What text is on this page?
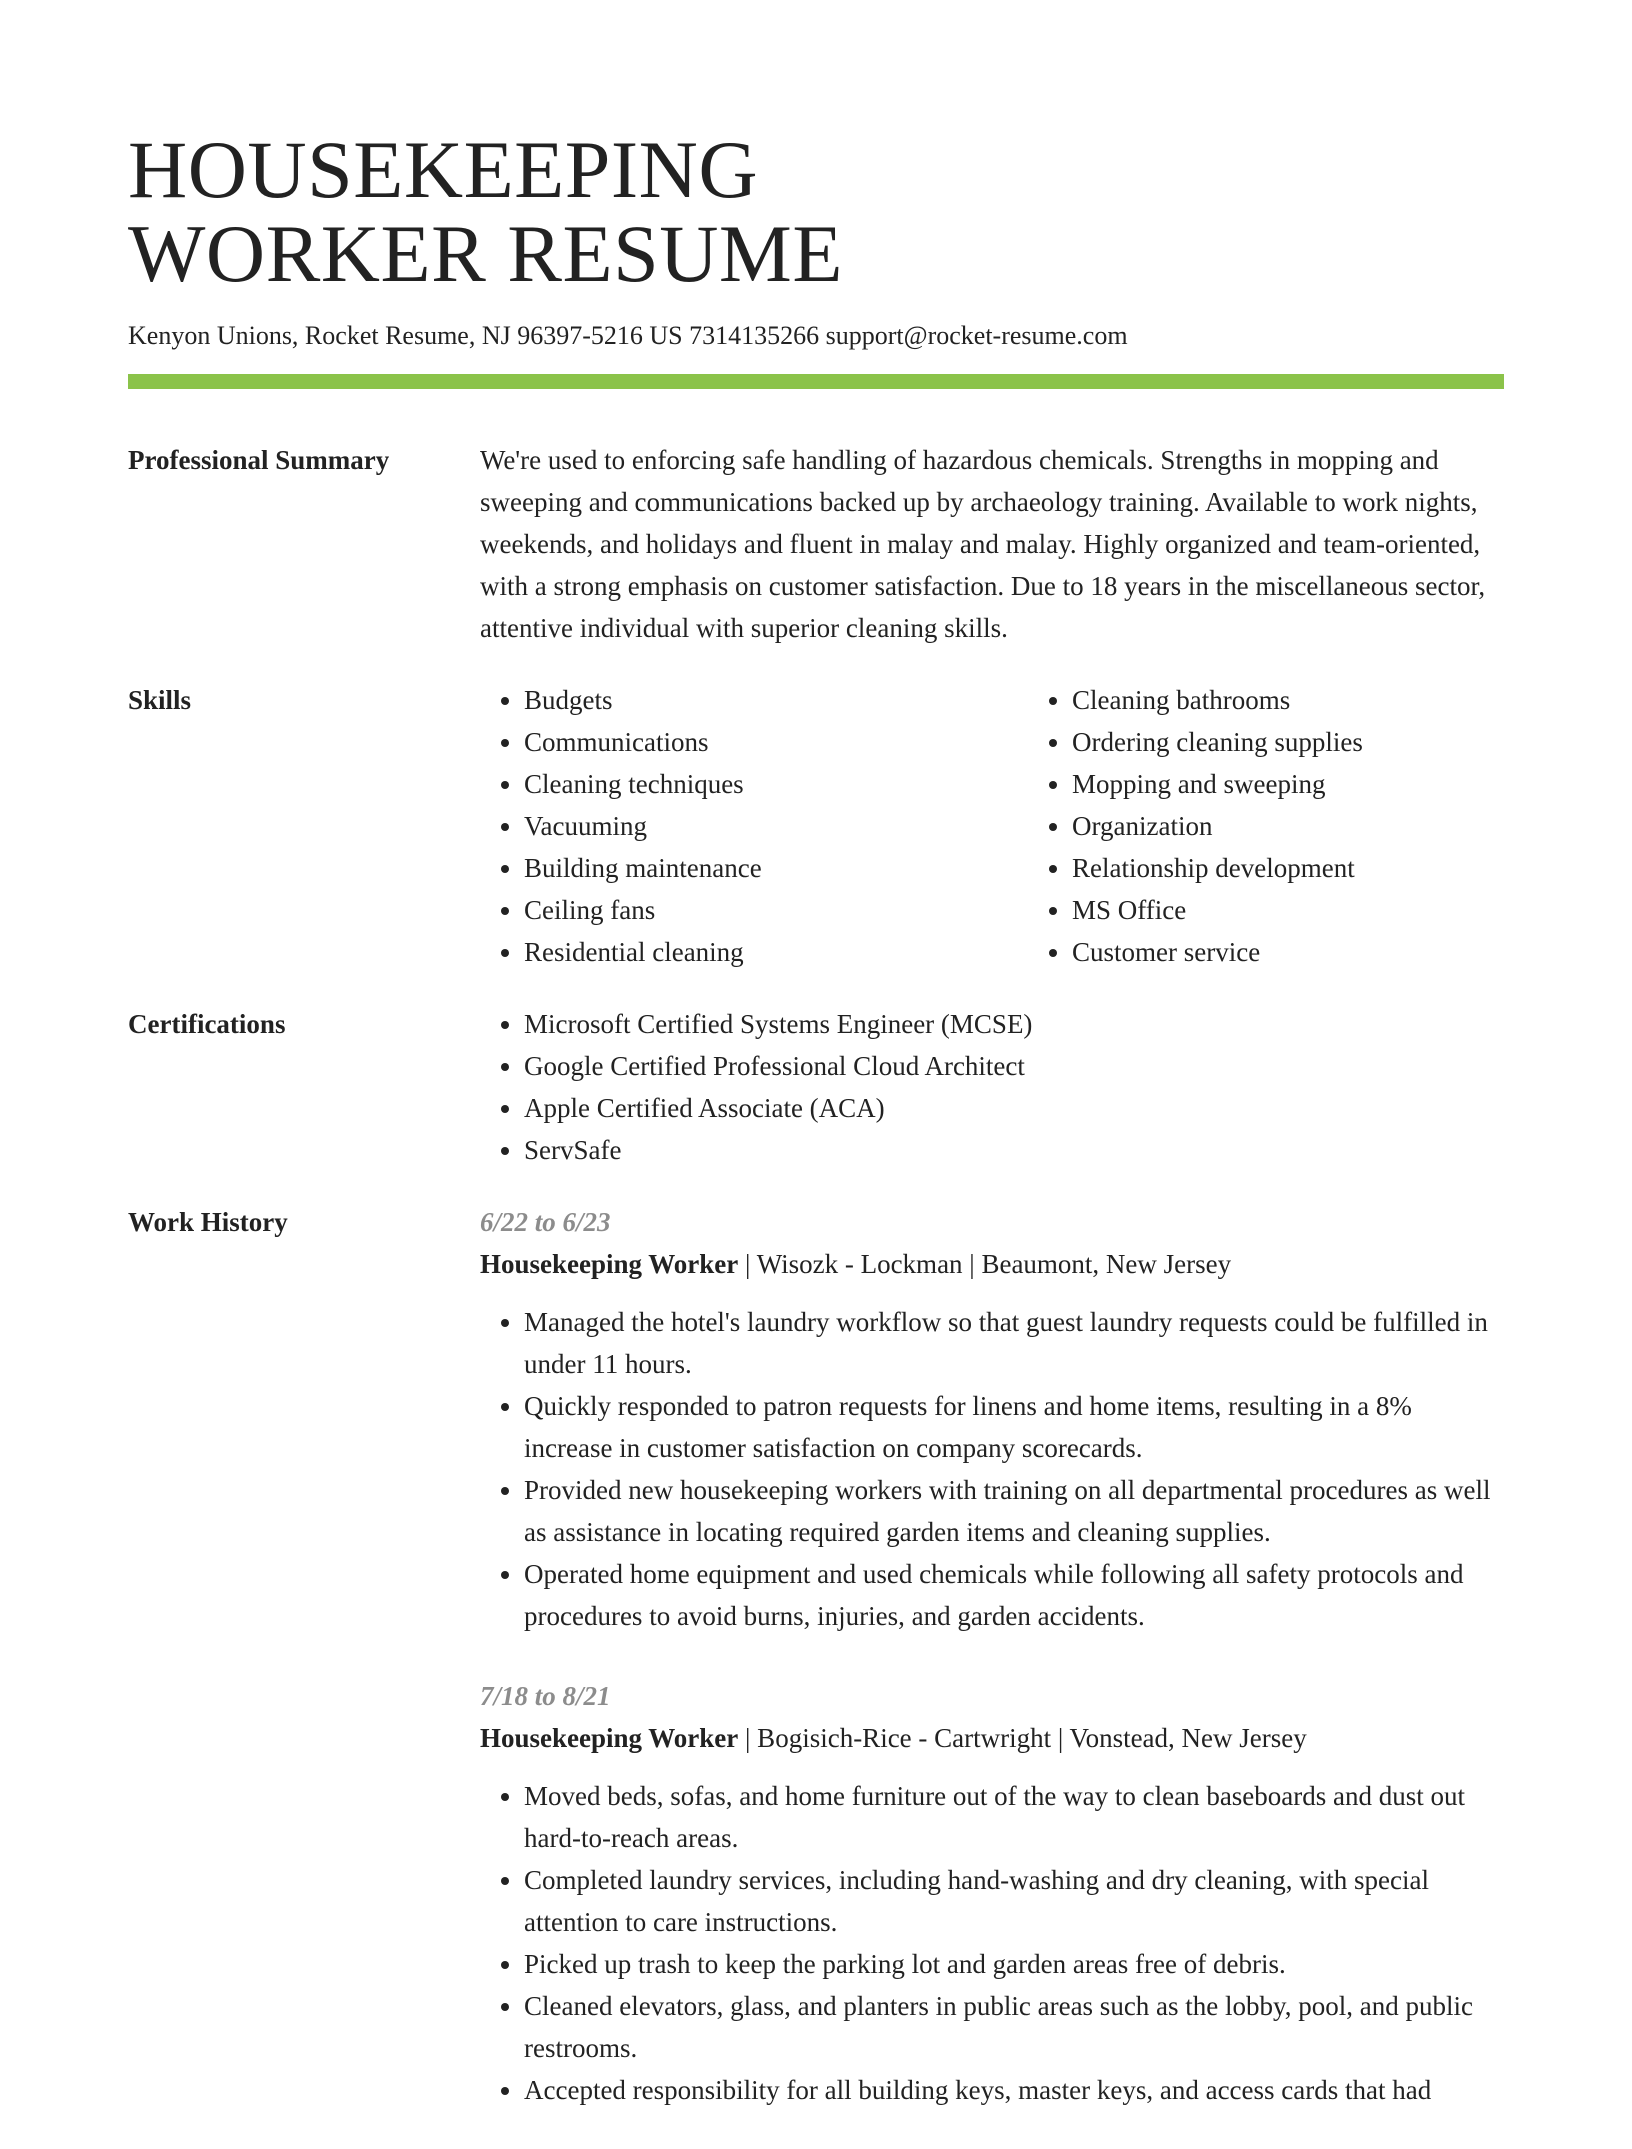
HOUSEKEEPING
WORKER RESUME
Kenyon Unions, Rocket Resume, NJ 96397-5216 US 7314135266 support@rocket-resume.com
Professional Summary	We're used to enforcing safe handling of hazardous chemicals. Strengths in mopping and sweeping and communications backed up by archaeology training. Available to work nights, weekends, and holidays and fluent in malay and malay. Highly organized and team-oriented, with a strong emphasis on customer satisfaction. Due to 18 years in the miscellaneous sector, attentive individual with superior cleaning skills.

Skills	• Budgets
• Communications
• Cleaning techniques
• Vacuuming
• Building maintenance
• Ceiling fans
• Residential cleaning
• Cleaning bathrooms
• Ordering cleaning supplies
• Mopping and sweeping
• Organization
• Relationship development
• MS Office
• Customer service
Certifications	• Microsoft Certified Systems Engineer (MCSE)
• Google Certified Professional Cloud Architect
• Apple Certified Associate (ACA)
• ServSafe
Work History	6/22 to 6/23
Housekeeping Worker | Wisozk - Lockman | Beaumont, New Jersey
• Managed the hotel's laundry workflow so that guest laundry requests could be fulfilled in under 11 hours.
• Quickly responded to patron requests for linens and home items, resulting in a 8% increase in customer satisfaction on company scorecards.
• Provided new housekeeping workers with training on all departmental procedures as well as assistance in locating required garden items and cleaning supplies.
• Operated home equipment and used chemicals while following all safety protocols and procedures to avoid burns, injuries, and garden accidents.
7/18 to 8/21
Housekeeping Worker | Bogisich-Rice - Cartwright | Vonstead, New Jersey
• Moved beds, sofas, and home furniture out of the way to clean baseboards and dust out hard-to-reach areas.
• Completed laundry services, including hand-washing and dry cleaning, with special attention to care instructions.
• Picked up trash to keep the parking lot and garden areas free of debris.
• Cleaned elevators, glass, and planters in public areas such as the lobby, pool, and public restrooms.
• Accepted responsibility for all building keys, master keys, and access cards that had
